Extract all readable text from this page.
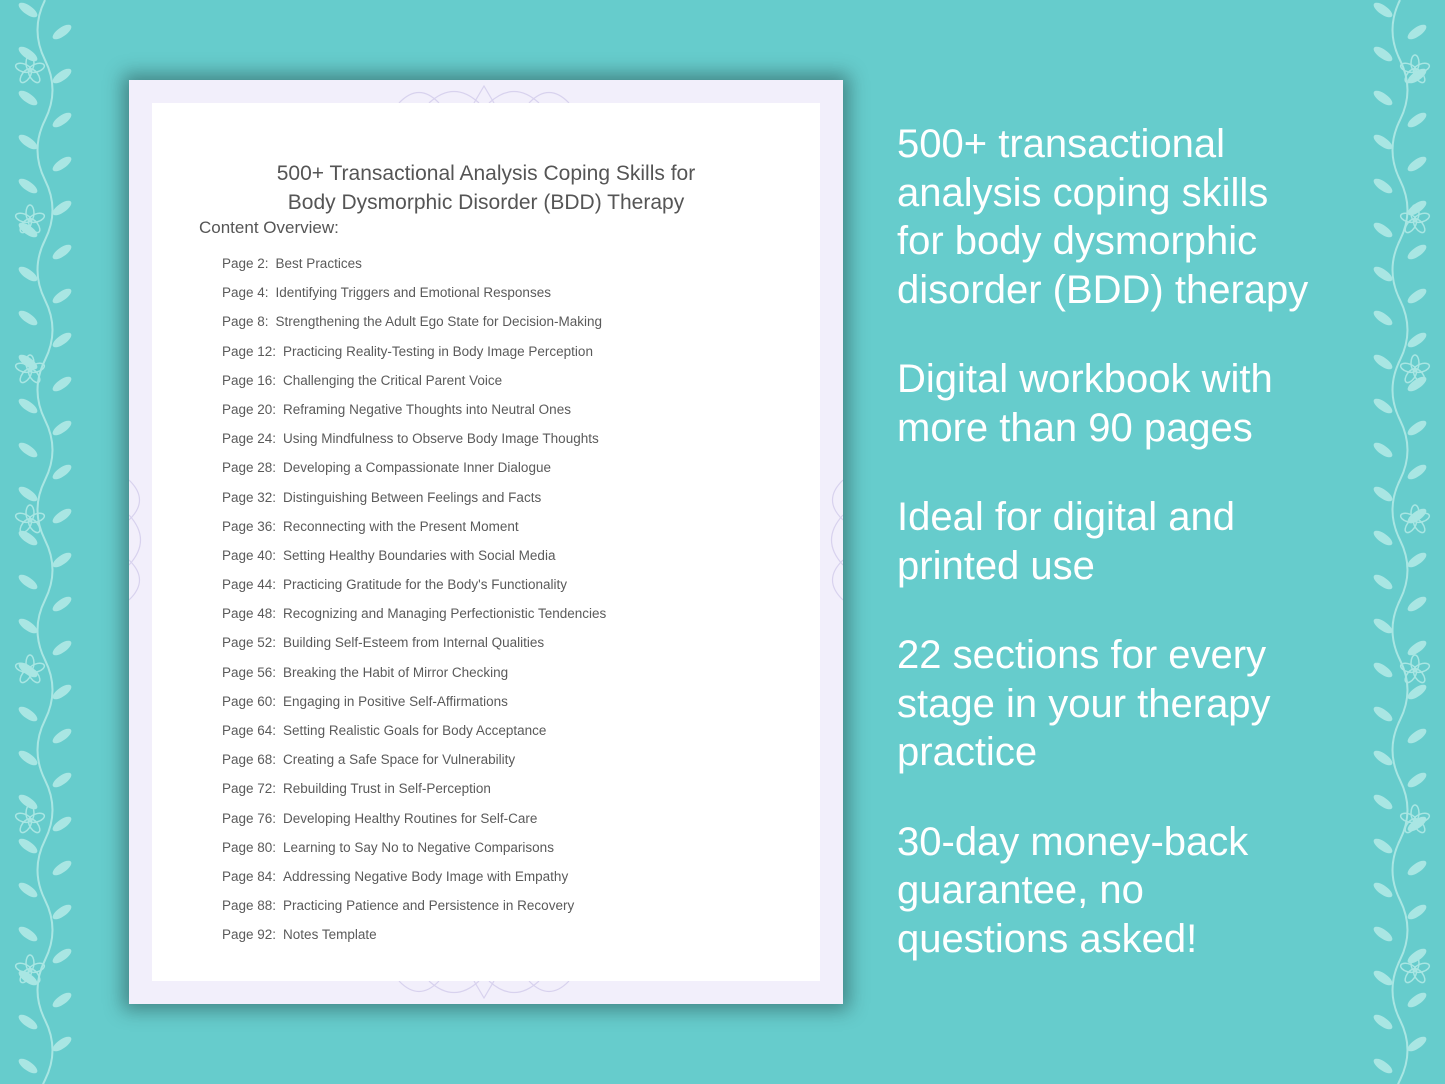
500+ Transactional Analysis Coping Skills for
Body Dysmorphic Disorder (BDD) Therapy
Content Overview:
Page 2: Best Practices
Page 4: Identifying Triggers and Emotional Responses
Page 8: Strengthening the Adult Ego State for Decision-Making
Page 12: Practicing Reality-Testing in Body Image Perception
Page 16: Challenging the Critical Parent Voice
Page 20: Reframing Negative Thoughts into Neutral Ones
Page 24: Using Mindfulness to Observe Body Image Thoughts
Page 28: Developing a Compassionate Inner Dialogue
Page 32: Distinguishing Between Feelings and Facts
Page 36: Reconnecting with the Present Moment
Page 40: Setting Healthy Boundaries with Social Media
Page 44: Practicing Gratitude for the Body's Functionality
Page 48: Recognizing and Managing Perfectionistic Tendencies
Page 52: Building Self-Esteem from Internal Qualities
Page 56: Breaking the Habit of Mirror Checking
Page 60: Engaging in Positive Self-Affirmations
Page 64: Setting Realistic Goals for Body Acceptance
Page 68: Creating a Safe Space for Vulnerability
Page 72: Rebuilding Trust in Self-Perception
Page 76: Developing Healthy Routines for Self-Care
Page 80: Learning to Say No to Negative Comparisons
Page 84: Addressing Negative Body Image with Empathy
Page 88: Practicing Patience and Persistence in Recovery
Page 92: Notes Template
500+ transactional
analysis coping skills
for body dysmorphic
disorder (BDD) therapy
Digital workbook with
more than 90 pages
Ideal for digital and
printed use
22 sections for every
stage in your therapy
practice
30-day money-back
guarantee, no
questions asked!
